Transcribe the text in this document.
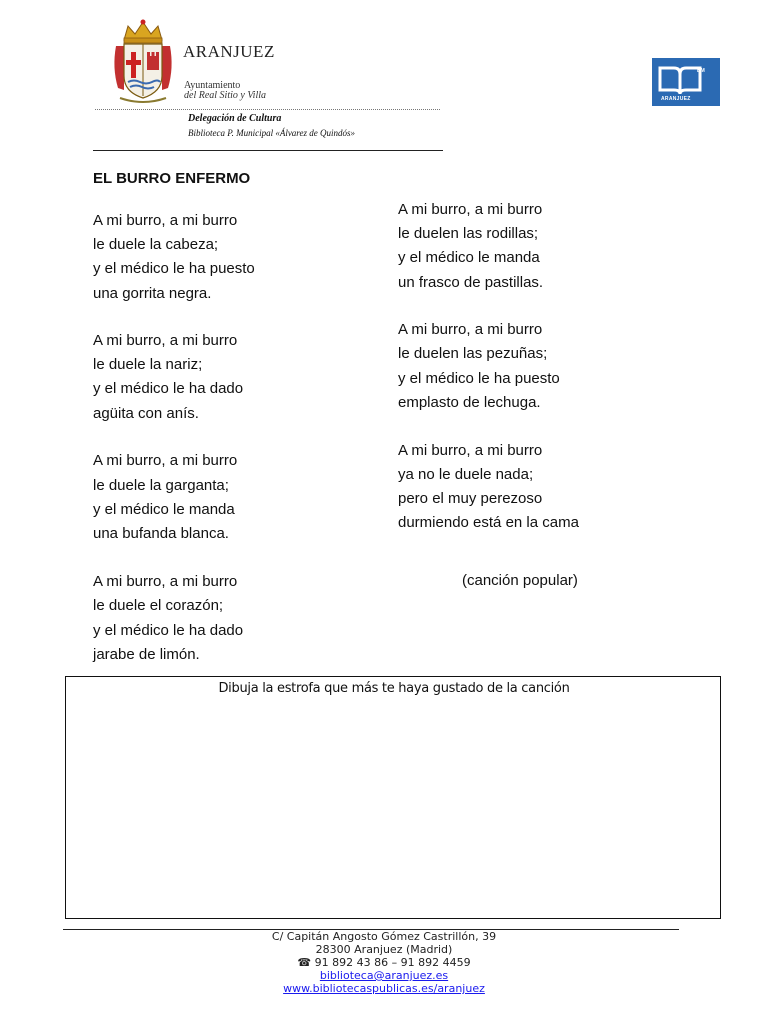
ARANJUEZ
Ayuntamiento
del Real Sitio y Villa
Delegación de Cultura
Biblioteca P. Municipal «Álvarez de Quindós»
BM
ARANJUEZ
EL BURRO ENFERMO
A mi burro, a mi burro
le duele la cabeza;
y el médico le ha puesto
una gorrita negra.
A mi burro, a mi burro
le duele la nariz;
y el médico le ha dado
agüita con anís.
A mi burro, a mi burro
le duele la garganta;
y el médico le manda
una bufanda blanca.
A mi burro, a mi burro
le duele el corazón;
y el médico le ha dado
jarabe de limón.
A mi burro, a mi burro
le duelen las rodillas;
y el médico le manda
un frasco de pastillas.
A mi burro, a mi burro
le duelen las pezuñas;
y el médico le ha puesto
emplasto de lechuga.
A mi burro, a mi burro
ya no le duele nada;
pero el muy perezoso
durmiendo está en la cama
(canción popular)
Dibuja la estrofa que más te haya gustado de la canción
C/ Capitán Angosto Gómez Castrillón, 39
28300 Aranjuez (Madrid)
☎ 91 892 43 86 – 91 892 4459
biblioteca@aranjuez.es
www.bibliotecaspublicas.es/aranjuez
